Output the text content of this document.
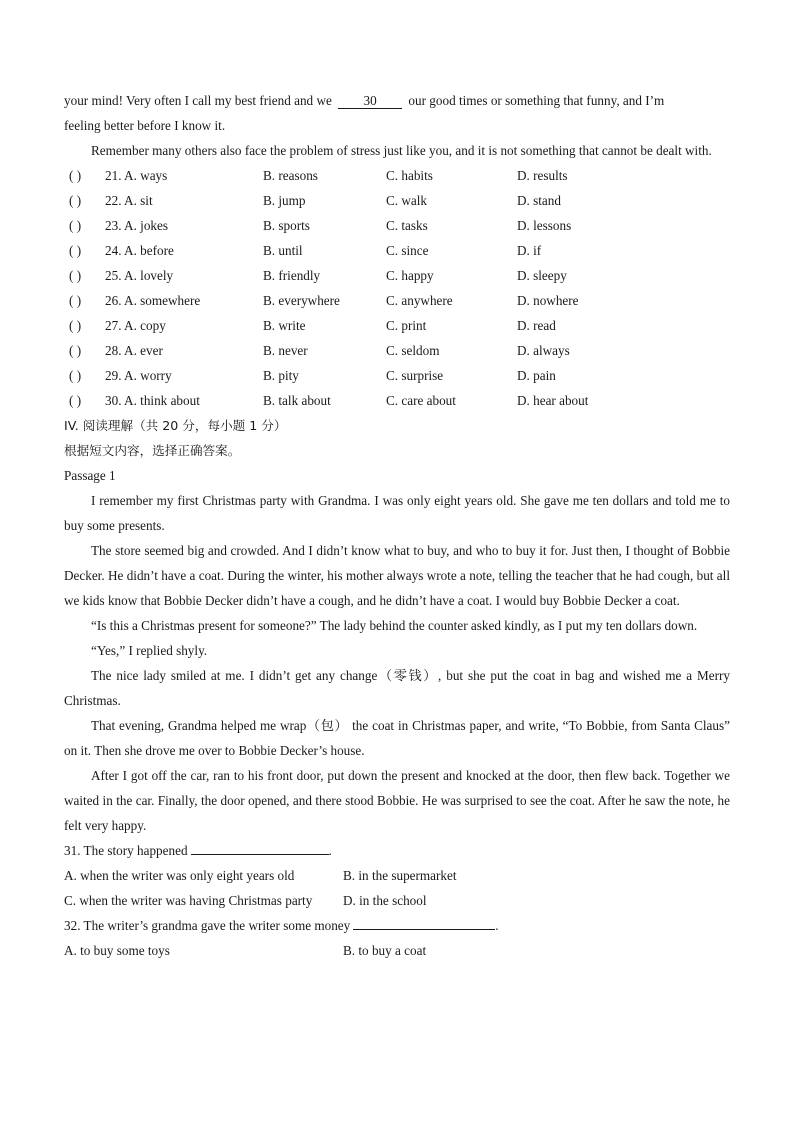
your mind! Very often I call my best friend and we 30 our good times or something that funny, and I’m
feeling better before I know it.
Remember many others also face the problem of stress just like you, and it is not something that cannot be dealt with.
( ) 21. A. ways	B. reasons	C. habits	D. results
( ) 22. A. sit	B. jump	C. walk	D. stand
( ) 23. A. jokes	B. sports	C. tasks	D. lessons
( ) 24. A. before	B. until	C. since	D. if
( ) 25. A. lovely	B. friendly	C. happy	D. sleepy
( ) 26. A. somewhere	B. everywhere	C. anywhere	D. nowhere
( ) 27. A. copy	B. write	C. print	D. read
( ) 28. A. ever	B. never	C. seldom	D. always
( ) 29. A. worry	B. pity	C. surprise	D. pain
( ) 30. A. think about	B. talk about	C. care about	D. hear about
IV. 阅读理解（共 20 分，每小题 1 分）
根据短文内容，选择正确答案。
Passage 1
I remember my first Christmas party with Grandma. I was only eight years old. She gave me ten dollars and told me to buy some presents.
The store seemed big and crowded. And I didn’t know what to buy, and who to buy it for. Just then, I thought of Bobbie Decker. He didn’t have a coat. During the winter, his mother always wrote a note, telling the teacher that he had cough, but all we kids know that Bobbie Decker didn’t have a cough, and he didn’t have a coat. I would buy Bobbie Decker a coat.
“Is this a Christmas present for someone?” The lady behind the counter asked kindly, as I put my ten dollars down.
“Yes,” I replied shyly.
The nice lady smiled at me. I didn’t get any change（零钱）, but she put the coat in bag and wished me a Merry Christmas.
That evening, Grandma helped me wrap（包） the coat in Christmas paper, and write, “To Bobbie, from Santa Claus” on it. Then she drove me over to Bobbie Decker’s house.
After I got off the car, ran to his front door, put down the present and knocked at the door, then flew back. Together we waited in the car. Finally, the door opened, and there stood Bobbie. He was surprised to see the coat. After he saw the note, he felt very happy.
31. The story happened	.
A. when the writer was only eight years old	B. in the supermarket
C. when the writer was having Christmas party D. in the school
32. The writer’s grandma gave the writer some money	.
A. to buy some toys	B. to buy a coat
